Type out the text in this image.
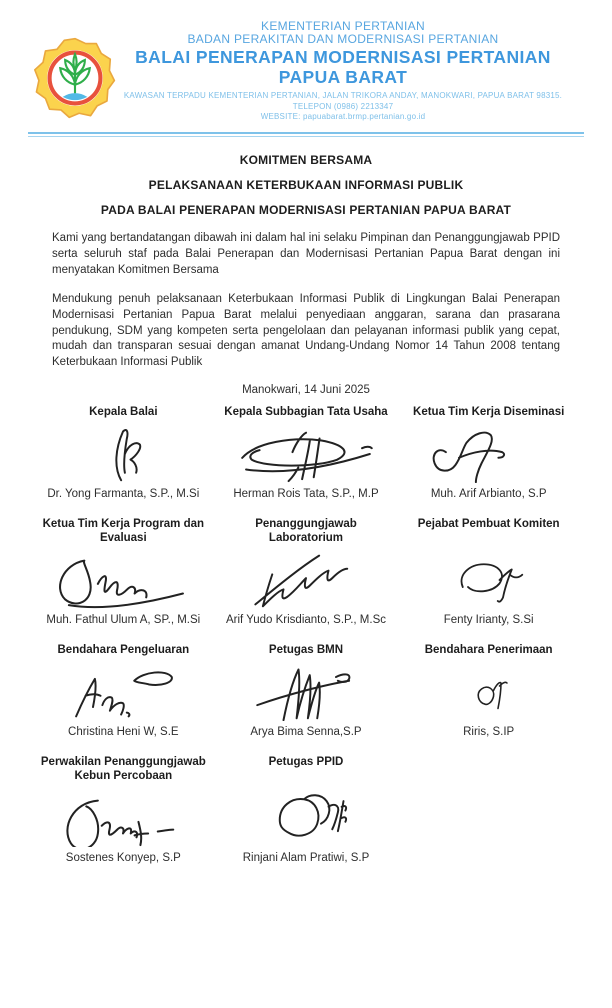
KEMENTERIAN PERTANIAN
BADAN PERAKITAN DAN MODERNISASI PERTANIAN
BALAI PENERAPAN MODERNISASI PERTANIAN
PAPUA BARAT
KAWASAN TERPADU KEMENTERIAN PERTANIAN, JALAN TRIKORA ANDAY, MANOKWARI, PAPUA BARAT 98315.
TELEPON (0986) 2213347
WEBSITE: papuabarat.brmp.pertanian.go.id
KOMITMEN BERSAMA
PELAKSANAAN KETERBUKAAN INFORMASI PUBLIK
PADA BALAI PENERAPAN MODERNISASI PERTANIAN PAPUA BARAT

Kami yang bertandatangan dibawah ini dalam hal ini selaku Pimpinan dan Penanggungjawab PPID serta seluruh staf pada Balai Penerapan dan Modernisasi Pertanian Papua Barat dengan ini menyatakan Komitmen Bersama

Mendukung penuh pelaksanaan Keterbukaan Informasi Publik di Lingkungan Balai Penerapan Modernisasi Pertanian Papua Barat melalui penyediaan anggaran, sarana dan prasarana pendukung, SDM yang kompeten serta pengelolaan dan pelayanan informasi publik yang cepat, mudah dan transparan sesuai dengan amanat Undang-Undang Nomor 14 Tahun 2008 tentang Keterbukaan Informasi Publik

Manokwari, 14 Juni 2025
Kepala Balai
Dr. Yong Farmanta, S.P., M.Si
Kepala Subbagian Tata Usaha
Herman Rois Tata, S.P., M.P
Ketua Tim Kerja Diseminasi
Muh. Arif Arbianto, S.P
Ketua Tim Kerja Program dan Evaluasi
Muh. Fathul Ulum A, SP., M.Si
Penanggungjawab Laboratorium
Arif Yudo Krisdianto, S.P., M.Sc
Pejabat Pembuat Komiten
Fenty Irianty, S.Si
Bendahara Pengeluaran
Christina Heni W, S.E
Petugas BMN
Arya Bima Senna,S.P
Bendahara Penerimaan
Riris, S.IP
Perwakilan Penanggungjawab Kebun Percobaan
Sostenes Konyep, S.P
Petugas PPID
Rinjani Alam Pratiwi, S.P
